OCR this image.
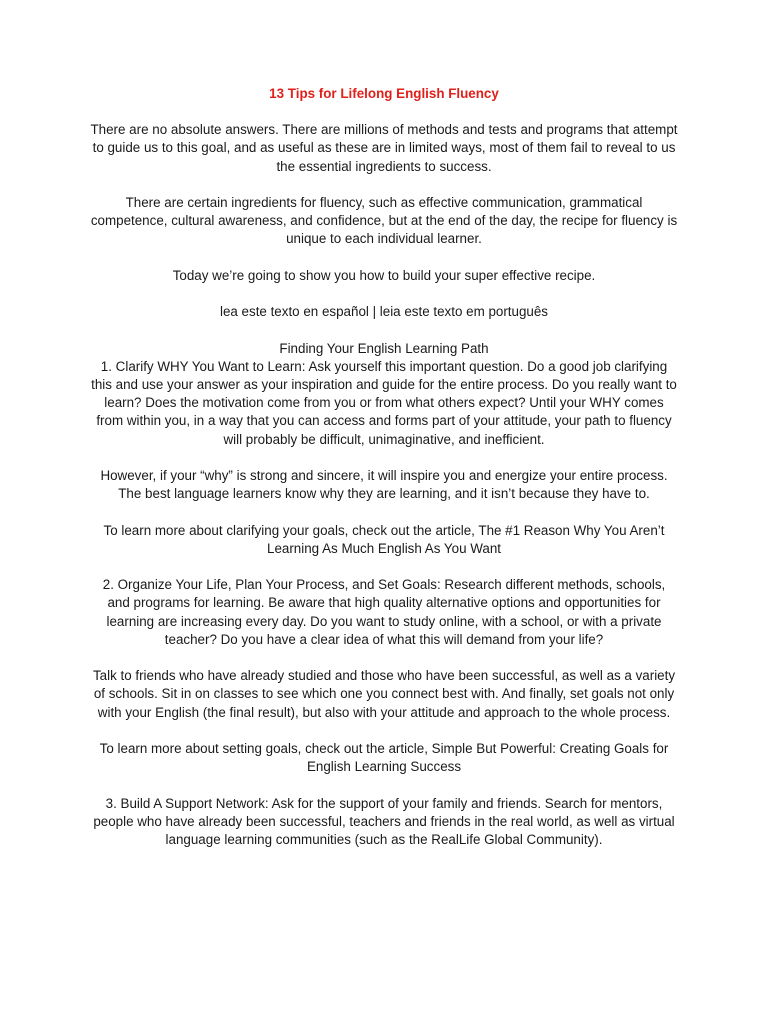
13 Tips for Lifelong English Fluency

There are no absolute answers. There are millions of methods and tests and programs that attempt to guide us to this goal, and as useful as these are in limited ways, most of them fail to reveal to us the essential ingredients to success.

There are certain ingredients for fluency, such as effective communication, grammatical competence, cultural awareness, and confidence, but at the end of the day, the recipe for fluency is unique to each individual learner.

Today we’re going to show you how to build your super effective recipe.

lea este texto en español | leia este texto em português

Finding Your English Learning Path

1. Clarify WHY You Want to Learn: Ask yourself this important question. Do a good job clarifying this and use your answer as your inspiration and guide for the entire process. Do you really want to learn? Does the motivation come from you or from what others expect? Until your WHY comes from within you, in a way that you can access and forms part of your attitude, your path to fluency will probably be difficult, unimaginative, and inefficient.

However, if your “why” is strong and sincere, it will inspire you and energize your entire process. The best language learners know why they are learning, and it isn’t because they have to.

To learn more about clarifying your goals, check out the article, The #1 Reason Why You Aren’t Learning As Much English As You Want

2. Organize Your Life, Plan Your Process, and Set Goals: Research different methods, schools, and programs for learning. Be aware that high quality alternative options and opportunities for learning are increasing every day. Do you want to study online, with a school, or with a private teacher? Do you have a clear idea of what this will demand from your life?

Talk to friends who have already studied and those who have been successful, as well as a variety of schools. Sit in on classes to see which one you connect best with. And finally, set goals not only with your English (the final result), but also with your attitude and approach to the whole process.

To learn more about setting goals, check out the article, Simple But Powerful: Creating Goals for English Learning Success

3. Build A Support Network: Ask for the support of your family and friends. Search for mentors, people who have already been successful, teachers and friends in the real world, as well as virtual language learning communities (such as the RealLife Global Community).
